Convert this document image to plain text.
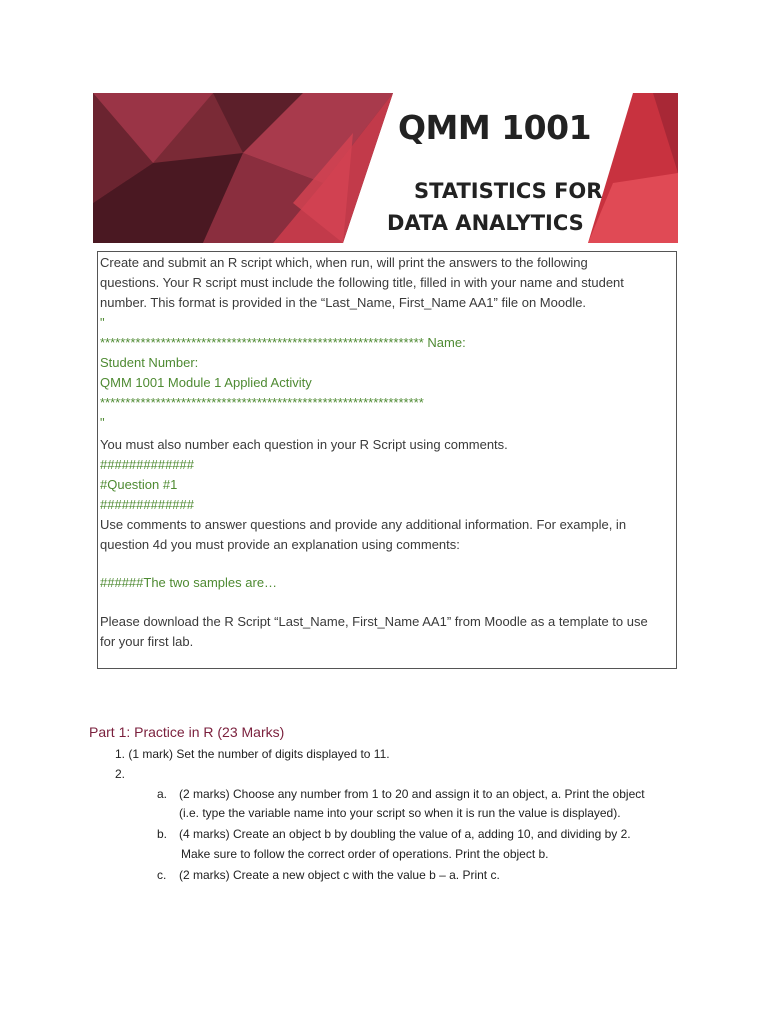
QMM 1001
STATISTICS FOR
DATA ANALYTICS
Create and submit an R script which, when run, will print the answers to the following
questions. Your R script must include the following title, filled in with your name and student
number. This format is provided in the “Last_Name, First_Name AA1” file on Moodle.
"
**************************************************************** Name:
Student Number:
QMM 1001 Module 1 Applied Activity
****************************************************************
"
You must also number each question in your R Script using comments.
#############
#Question #1
#############
Use comments to answer questions and provide any additional information. For example, in
question 4d you must provide an explanation using comments:
######The two samples are…
Please download the R Script “Last_Name, First_Name AA1” from Moodle as a template to use
for your first lab.
Part 1: Practice in R (23 Marks)
1. (1 mark) Set the number of digits displayed to 11.
2.
a. (2 marks) Choose any number from 1 to 20 and assign it to an object, a. Print the object
(i.e. type the variable name into your script so when it is run the value is displayed).
b. (4 marks) Create an object b by doubling the value of a, adding 10, and dividing by 2.
Make sure to follow the correct order of operations. Print the object b.
c. (2 marks) Create a new object c with the value b – a. Print c.
